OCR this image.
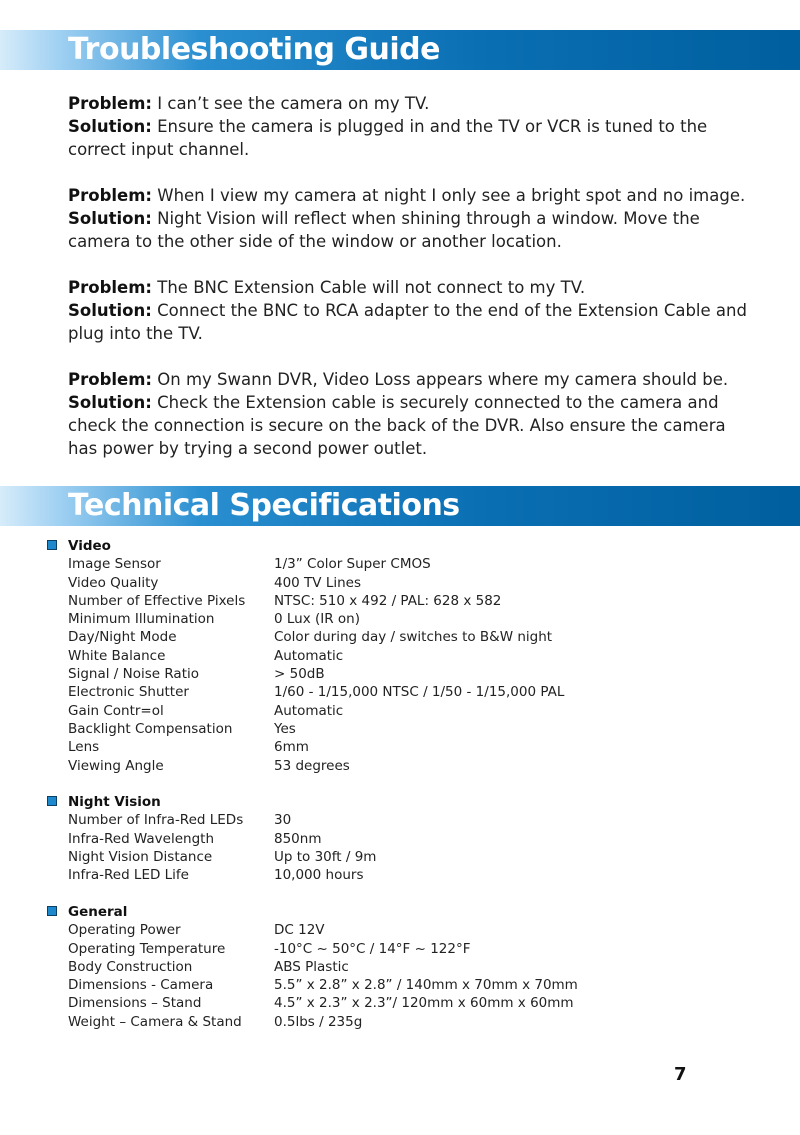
Troubleshooting Guide
Problem: I can’t see the camera on my TV.
Solution: Ensure the camera is plugged in and the TV or VCR is tuned to the correct input channel.
Problem: When I view my camera at night I only see a bright spot and no image.
Solution: Night Vision will reflect when shining through a window. Move the camera to the other side of the window or another location.
Problem: The BNC Extension Cable will not connect to my TV.
Solution: Connect the BNC to RCA adapter to the end of the Extension Cable and plug into the TV.
Problem: On my Swann DVR, Video Loss appears where my camera should be.
Solution: Check the Extension cable is securely connected to the camera and check the connection is secure on the back of the DVR. Also ensure the camera has power by trying a second power outlet.
Technical Specifications
Video
Image Sensor	1/3” Color Super CMOS
Video Quality	400 TV Lines
Number of Effective Pixels	NTSC: 510 x 492 / PAL: 628 x 582
Minimum Illumination	0 Lux (IR on)
Day/Night Mode	Color during day / switches to B&W night
White Balance	Automatic
Signal / Noise Ratio	> 50dB
Electronic Shutter	1/60 - 1/15,000 NTSC / 1/50 - 1/15,000 PAL
Gain Contr=ol	Automatic
Backlight Compensation	Yes
Lens	6mm
Viewing Angle	53 degrees
Night Vision
Number of Infra-Red LEDs	30
Infra-Red Wavelength	850nm
Night Vision Distance	Up to 30ft / 9m
Infra-Red LED Life	10,000 hours
General
Operating Power	DC 12V
Operating Temperature	-10°C ~ 50°C / 14°F ~ 122°F
Body Construction	ABS Plastic
Dimensions - Camera	5.5” x 2.8” x 2.8” / 140mm x 70mm x 70mm
Dimensions – Stand	4.5” x 2.3” x 2.3”/ 120mm x 60mm x 60mm
Weight – Camera & Stand	0.5lbs / 235g
7
